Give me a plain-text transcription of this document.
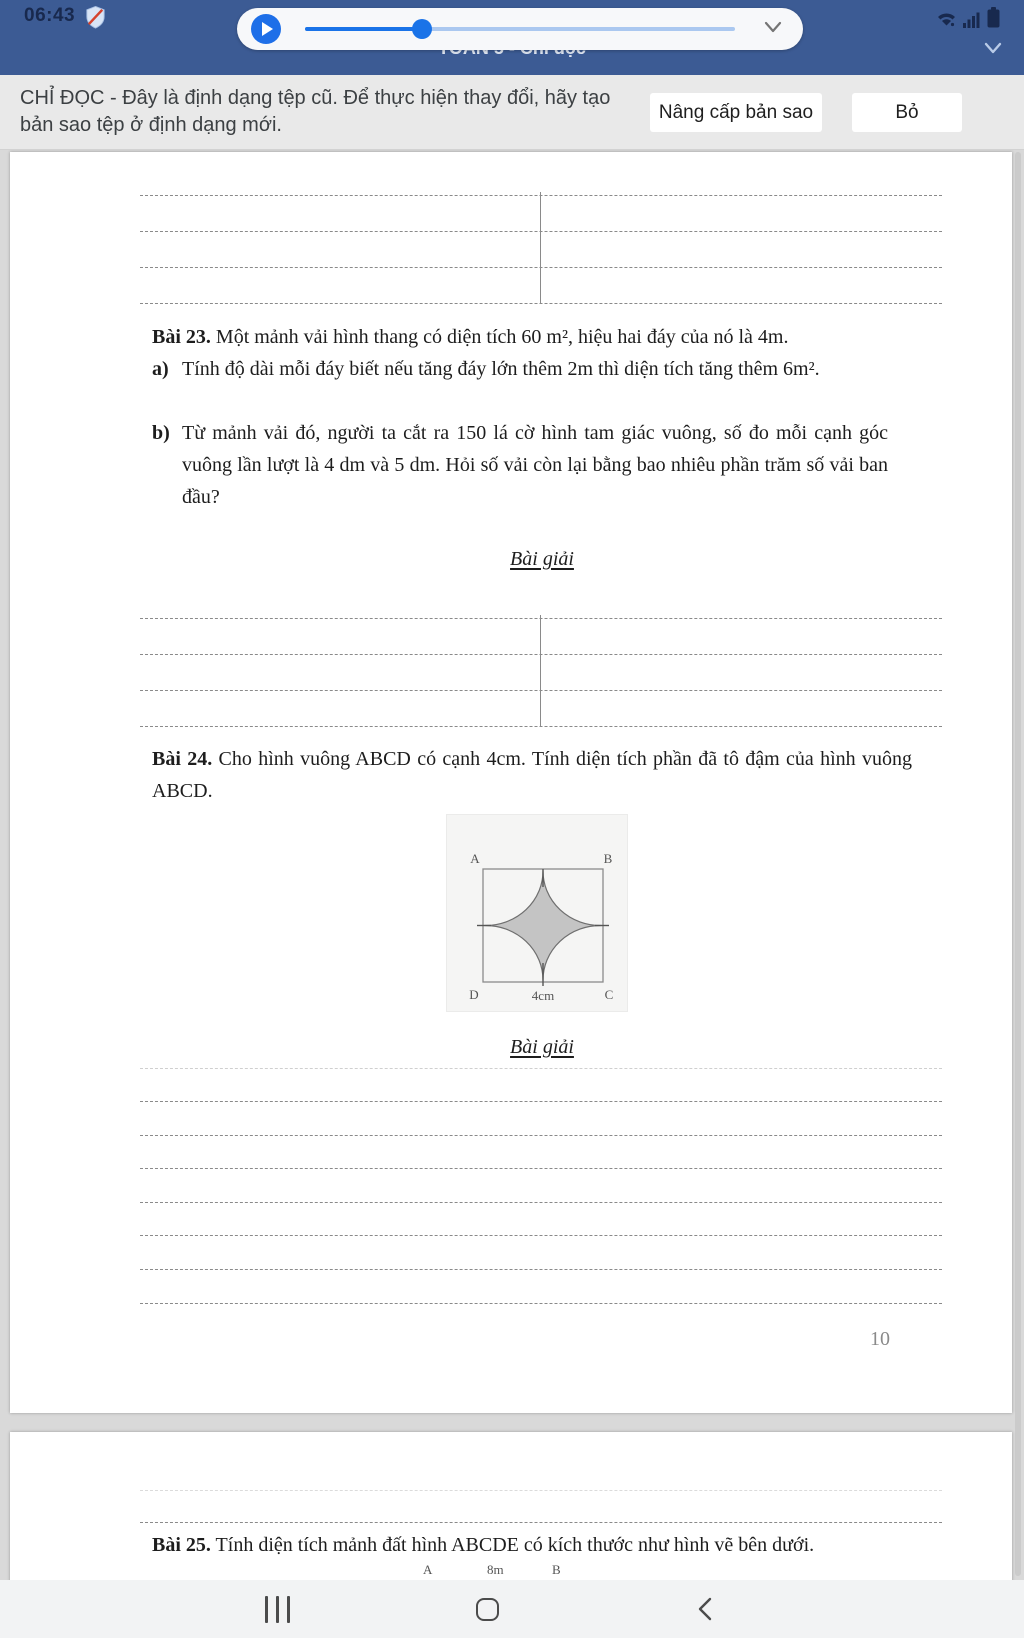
06:43
CHỈ ĐỌC - Đây là định dạng tệp cũ. Để thực hiện thay đổi, hãy tạo bản sao tệp ở định dạng mới.
Nâng cấp bản sao	Bỏ
Bài 23. Một mảnh vải hình thang có diện tích 60 m², hiệu hai đáy của nó là 4m.
a) Tính độ dài mỗi đáy biết nếu tăng đáy lớn thêm 2m thì diện tích tăng thêm 6m².
b) Từ mảnh vải đó, người ta cắt ra 150 lá cờ hình tam giác vuông, số đo mỗi cạnh góc vuông lần lượt là 4 dm và 5 dm. Hỏi số vải còn lại bằng bao nhiêu phần trăm số vải ban đầu?
Bài giải
Bài 24. Cho hình vuông ABCD có cạnh 4cm. Tính diện tích phần đã tô đậm của hình vuông ABCD.
A	B
D	C
4cm
Bài giải
10
Bài 25. Tính diện tích mảnh đất hình ABCDE có kích thước như hình vẽ bên dưới.
A	8m	B
